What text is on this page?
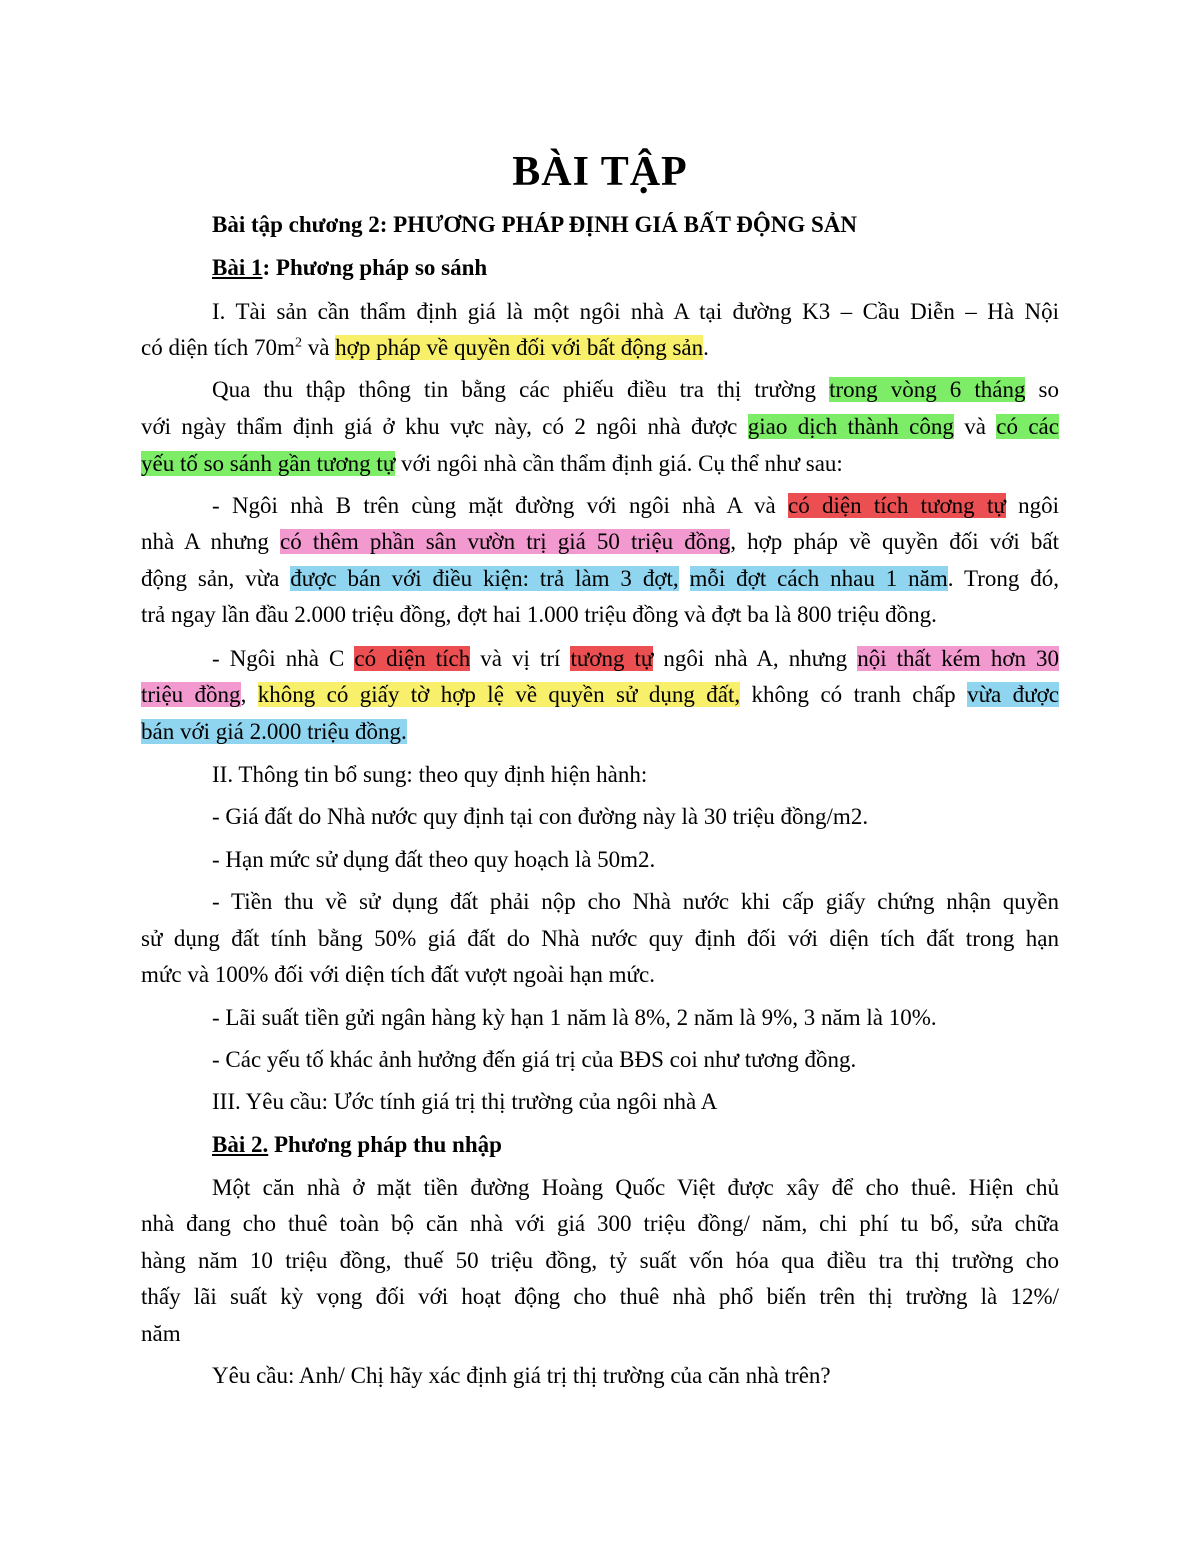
BÀI TẬP
Bài tập chương 2: PHƯƠNG PHÁP ĐỊNH GIÁ BẤT ĐỘNG SẢN
Bài 1: Phương pháp so sánh
I. Tài sản cần thẩm định giá là một ngôi nhà A tại đường K3 – Cầu Diễn – Hà Nội
có diện tích $70m^2$ và hợp pháp về quyền đối với bất động sản.
Qua thu thập thông tin bằng các phiếu điều tra thị trường trong vòng 6 tháng so
với ngày thẩm định giá ở khu vực này, có 2 ngôi nhà được giao dịch thành công và có các
yếu tố so sánh gần tương tự với ngôi nhà cần thẩm định giá. Cụ thể như sau:
- Ngôi nhà B trên cùng mặt đường với ngôi nhà A và có diện tích tương tự ngôi
nhà A nhưng có thêm phần sân vườn trị giá 50 triệu đồng, hợp pháp về quyền đối với bất
động sản, vừa được bán với điều kiện: trả làm 3 đợt, mỗi đợt cách nhau 1 năm. Trong đó,
trả ngay lần đầu 2.000 triệu đồng, đợt hai 1.000 triệu đồng và đợt ba là 800 triệu đồng.
- Ngôi nhà C có diện tích và vị trí tương tự ngôi nhà A, nhưng nội thất kém hơn 30
triệu đồng, không có giấy tờ hợp lệ về quyền sử dụng đất, không có tranh chấp vừa được
bán với giá 2.000 triệu đồng.
II. Thông tin bổ sung: theo quy định hiện hành:
- Giá đất do Nhà nước quy định tại con đường này là 30 triệu đồng/m2.
- Hạn mức sử dụng đất theo quy hoạch là 50m2.
- Tiền thu về sử dụng đất phải nộp cho Nhà nước khi cấp giấy chứng nhận quyền
sử dụng đất tính bằng 50% giá đất do Nhà nước quy định đối với diện tích đất trong hạn
mức và 100% đối với diện tích đất vượt ngoài hạn mức.
- Lãi suất tiền gửi ngân hàng kỳ hạn 1 năm là 8%, 2 năm là 9%, 3 năm là 10%.
- Các yếu tố khác ảnh hưởng đến giá trị của BĐS coi như tương đồng.
III. Yêu cầu: Ước tính giá trị thị trường của ngôi nhà A
Bài 2. Phương pháp thu nhập
Một căn nhà ở mặt tiền đường Hoàng Quốc Việt được xây để cho thuê. Hiện chủ
nhà đang cho thuê toàn bộ căn nhà với giá 300 triệu đồng/ năm, chi phí tu bổ, sửa chữa
hàng năm 10 triệu đồng, thuế 50 triệu đồng, tỷ suất vốn hóa qua điều tra thị trường cho
thấy lãi suất kỳ vọng đối với hoạt động cho thuê nhà phổ biến trên thị trường là 12%/
năm
Yêu cầu: Anh/ Chị hãy xác định giá trị thị trường của căn nhà trên?
